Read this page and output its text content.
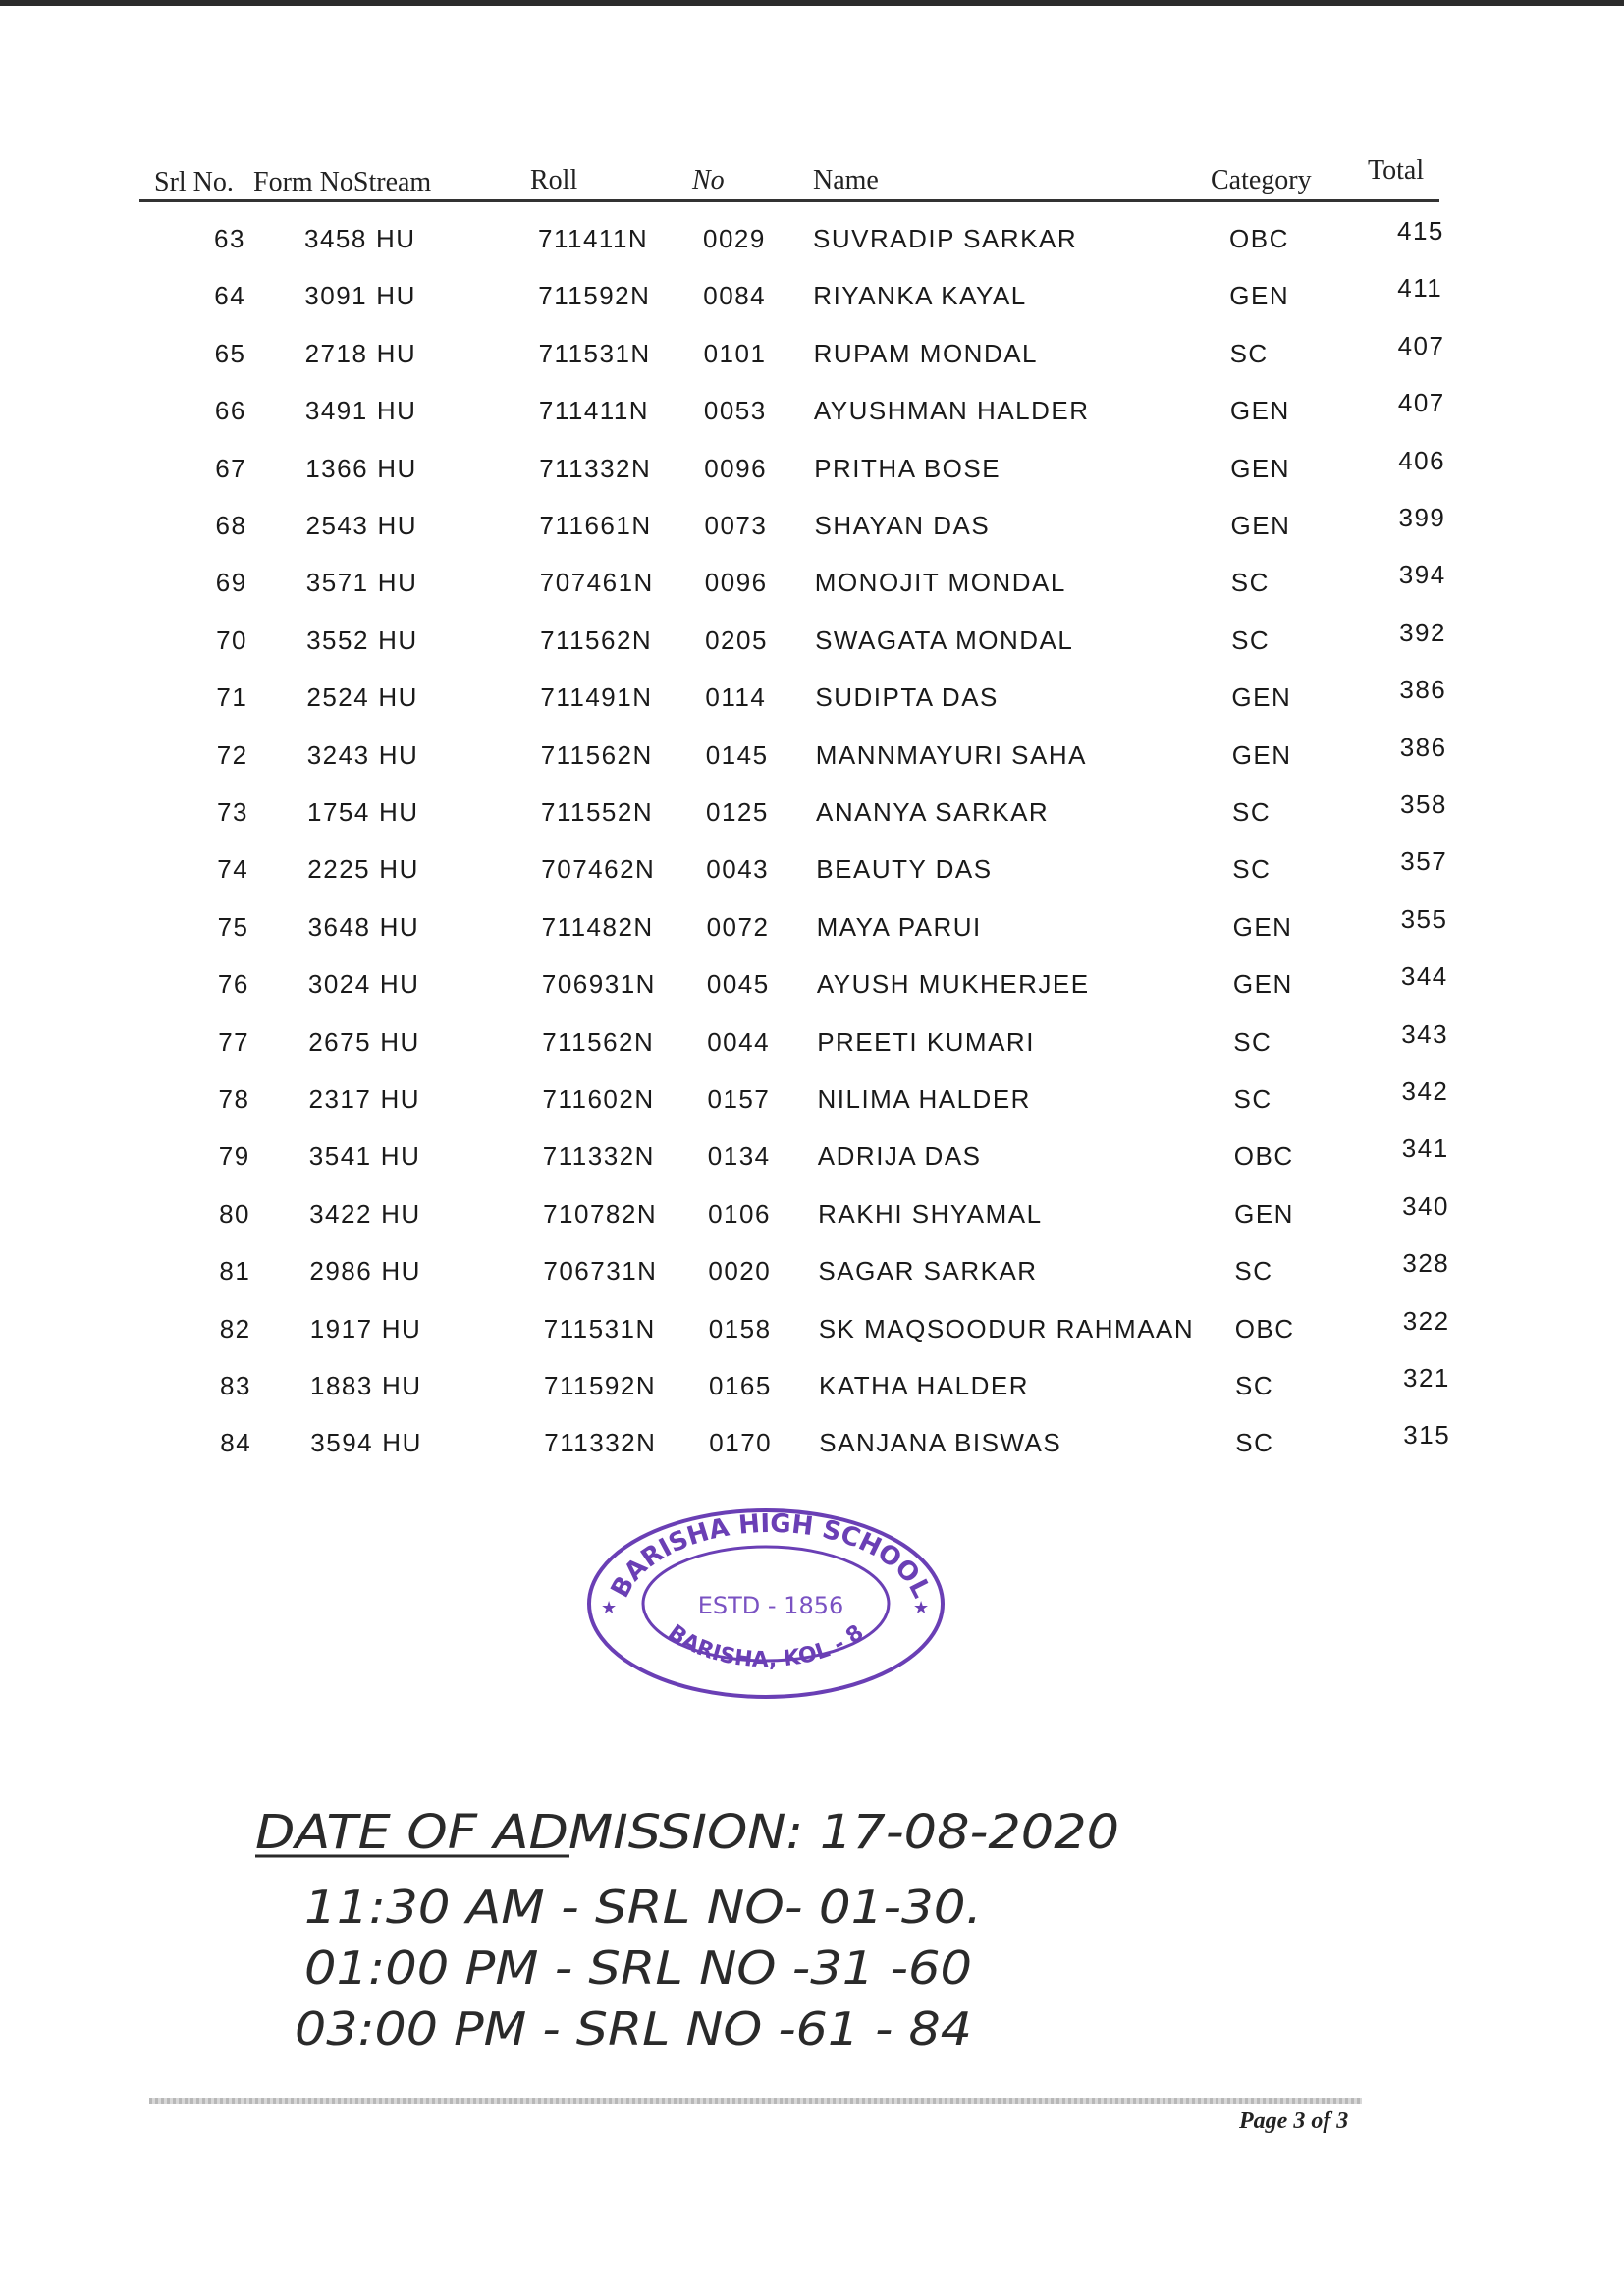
Srl No. Form NoStream	Roll	No	Name	Category Total
63 3458 HU	711411N 0029 SUVRADIP SARKAR	OBC	415
64 3091 HU	711592N 0084 RIYANKA KAYAL	GEN	411
65 2718 HU	711531N 0101 RUPAM MONDAL	SC	407
66 3491 HU	711411N 0053 AYUSHMAN HALDER	GEN	407
67 1366 HU	711332N 0096 PRITHA BOSE	GEN	406
68 2543 HU	711661N 0073 SHAYAN DAS	GEN	399
69 3571 HU	707461N 0096 MONOJIT MONDAL	SC	394
70 3552 HU	711562N 0205 SWAGATA MONDAL	SC	392
71 2524 HU	711491N 0114 SUDIPTA DAS	GEN	386
72 3243 HU	711562N 0145 MANNMAYURI SAHA	GEN	386
73 1754 HU	711552N 0125 ANANYA SARKAR	SC	358
74 2225 HU	707462N 0043 BEAUTY DAS	SC	357
75 3648 HU	711482N 0072 MAYA PARUI	GEN	355
76 3024 HU	706931N 0045 AYUSH MUKHERJEE	GEN	344
77 2675 HU	711562N 0044 PREETI KUMARI	SC	343
78 2317 HU	711602N 0157 NILIMA HALDER	SC	342
79 3541 HU	711332N 0134 ADRIJA DAS	OBC	341
80 3422 HU	710782N 0106 RAKHI SHYAMAL	GEN	340
81 2986 HU	706731N 0020 SAGAR SARKAR	SC	328
82 1917 HU	711531N 0158 SK MAQSOODUR RAHMAAN OBC	322
83 1883 HU	711592N 0165 KATHA HALDER	SC	321
84 3594 HU	711332N 0170 SANJANA BISWAS	SC	315
BARISHA HIGH SCHOOL
ESTD - 1856
BARISHA, KOL - 8
★	★
DATE OF ADMISSION: 17-08-2020
11:30 AM - SRL NO- 01-30.
01:00 PM - SRL NO -31 -60
03:00 PM - SRL NO -61 - 84
Page 3 of 3
